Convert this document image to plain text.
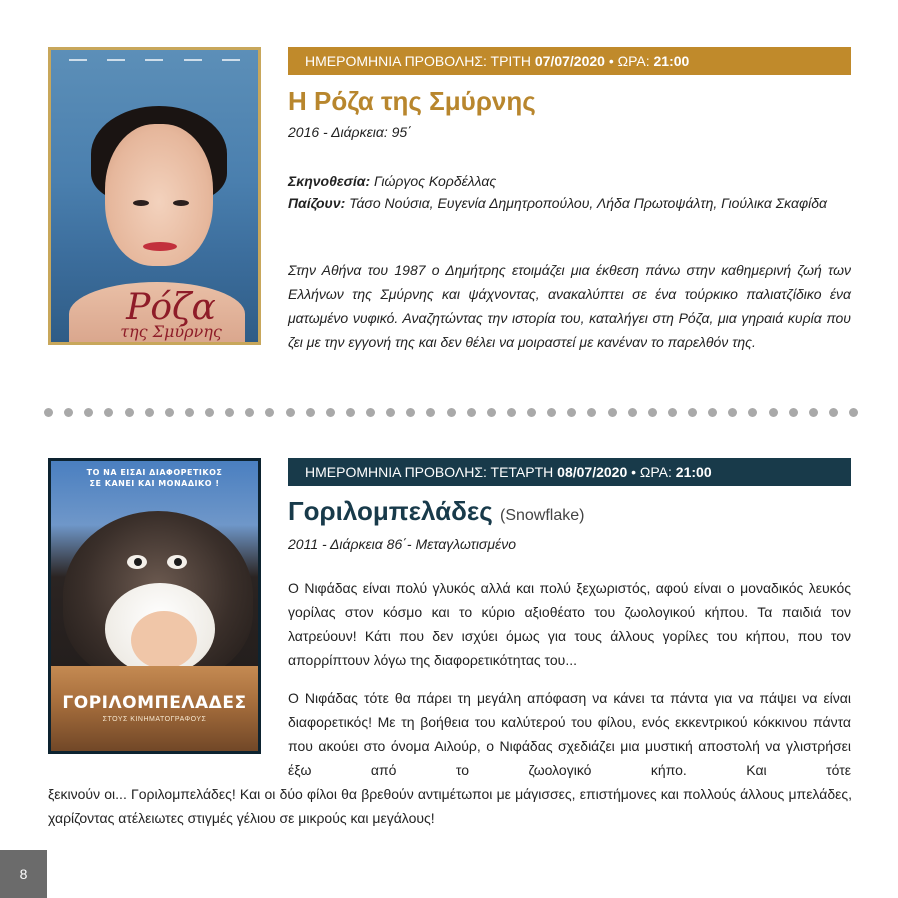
Ρόζα
της Σμύρνης
ΗΜΕΡΟΜΗΝΙΑ ΠΡΟΒΟΛΗΣ: ΤΡΙΤΗ 07/07/2020 • ΩΡΑ: 21:00
Η Ρόζα της Σμύρνης
2016 - Διάρκεια: 95΄
Σκηνοθεσία: Γιώργος Κορδέλλας
Παίζουν: Τάσο Νούσια, Ευγενία Δημητροπούλου, Λήδα Πρωτοψάλτη, Γιούλικα Σκαφίδα
Στην Αθήνα του 1987 ο Δημήτρης ετοιμάζει μια έκθεση πάνω στην καθημερινή ζωή των Ελλήνων της Σμύρνης και ψάχνοντας, ανακαλύπτει σε ένα τούρκικο παλιατζίδικο ένα ματωμένο νυφικό. Αναζητώντας την ιστορία του, καταλήγει στη Ρόζα, μια γηραιά κυρία που ζει με την εγγονή της και δεν θέλει να μοιραστεί με κανέναν το παρελθόν της.
ΤΟ ΝΑ ΕΙΣΑΙ ΔΙΑΦΟΡΕΤΙΚΟΣ
ΣΕ ΚΑΝΕΙ ΚΑΙ ΜΟΝΑΔΙΚΟ !
ΓΟΡΙΛΟΜΠΕΛΑΔΕΣ
ΣΤΟΥΣ ΚΙΝΗΜΑΤΟΓΡΑΦΟΥΣ
ΗΜΕΡΟΜΗΝΙΑ ΠΡΟΒΟΛΗΣ: ΤΕΤΑΡΤΗ 08/07/2020 • ΩΡΑ: 21:00
Γοριλομπελάδες (Snowflake)
2011 - Διάρκεια 86΄- Μεταγλωτισμένο
Ο Νιφάδας είναι πολύ γλυκός αλλά και πολύ ξεχωριστός, αφού είναι ο μοναδικός λευκός γορίλας στον κόσμο και το κύριο αξιοθέατο του ζωολογικού κήπου. Τα παιδιά τον λατρεύουν! Κάτι που δεν ισχύει όμως για τους άλλους γορίλες του κήπου, που τον απορρίπτουν λόγω της διαφορετικότητας του...
Ο Νιφάδας τότε θα πάρει τη μεγάλη απόφαση να κάνει τα πάντα για να πάψει να είναι διαφορετικός! Με τη βοήθεια του καλύτερού του φίλου, ενός εκκεντρικού κόκκινου πάντα που ακούει στο όνομα Αιλούρ, ο Νιφάδας σχεδιάζει μια μυστική αποστολή να γλιστρήσει έξω από το ζωολογικό κήπο. Και τότε
ξεκινούν οι... Γοριλομπελάδες! Και οι δύο φίλοι θα βρεθούν αντιμέτωποι με μάγισσες, επιστήμονες και πολλούς άλλους μπελάδες, χαρίζοντας ατέλειωτες στιγμές γέλιου σε μικρούς και μεγάλους!
8
